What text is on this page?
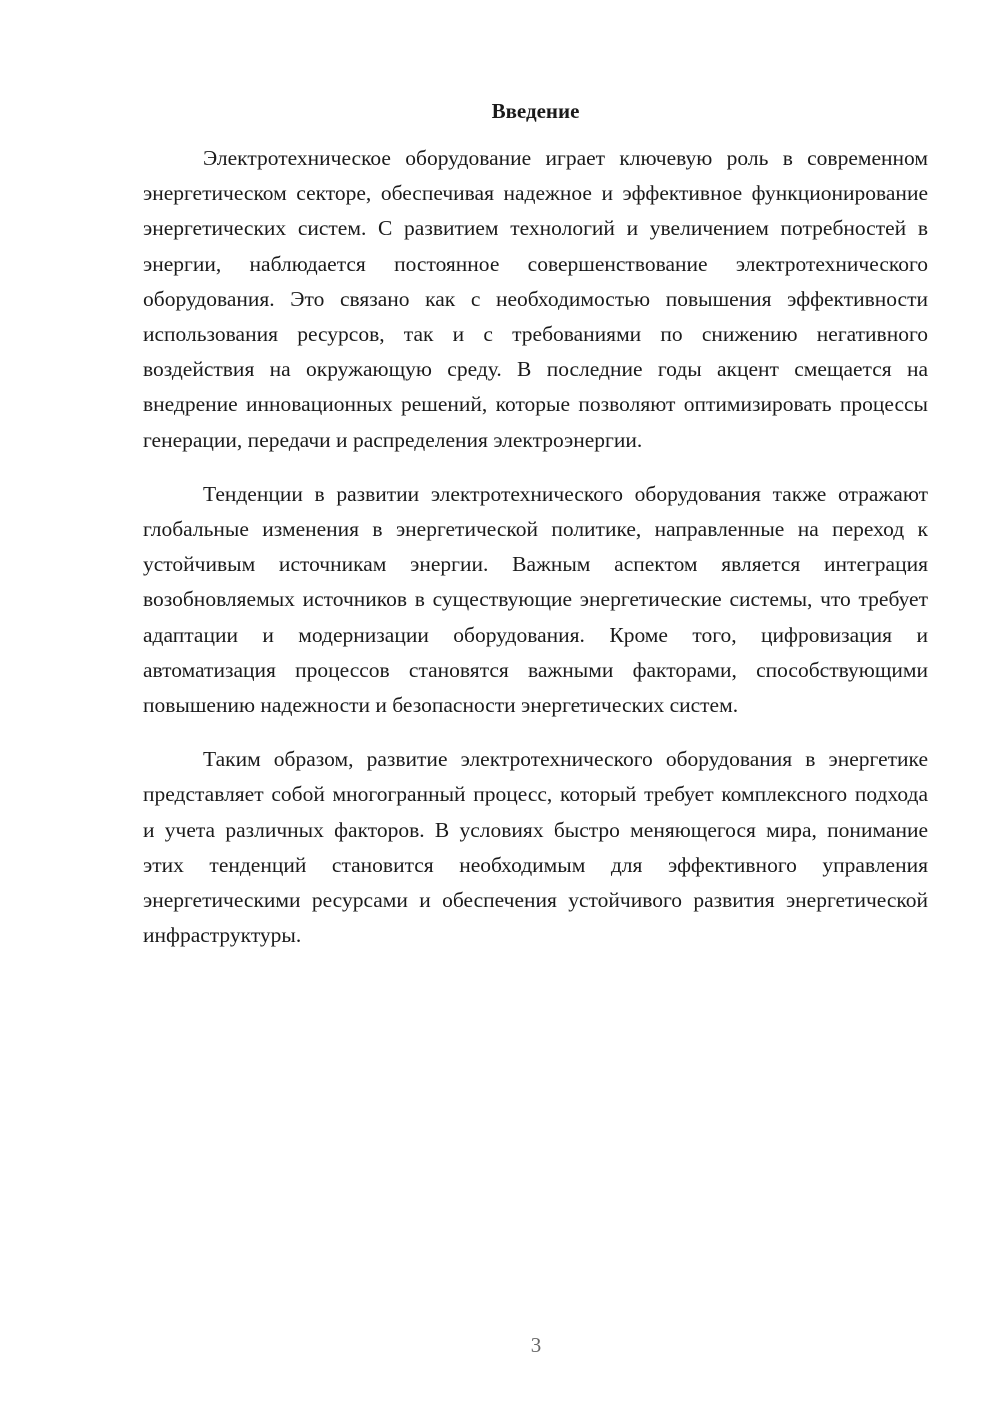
Введение

Электротехническое оборудование играет ключевую роль в современном энергетическом секторе, обеспечивая надежное и эффективное функционирование энергетических систем. С развитием технологий и увеличением потребностей в энергии, наблюдается постоянное совершенствование электротехнического оборудования. Это связано как с необходимостью повышения эффективности использования ресурсов, так и с требованиями по снижению негативного воздействия на окружающую среду. В последние годы акцент смещается на внедрение инновационных решений, которые позволяют оптимизировать процессы генерации, передачи и распределения электроэнергии.

Тенденции в развитии электротехнического оборудования также отражают глобальные изменения в энергетической политике, направленные на переход к устойчивым источникам энергии. Важным аспектом является интеграция возобновляемых источников в существующие энергетические системы, что требует адаптации и модернизации оборудования. Кроме того, цифровизация и автоматизация процессов становятся важными факторами, способствующими повышению надежности и безопасности энергетических систем.

Таким образом, развитие электротехнического оборудования в энергетике представляет собой многогранный процесс, который требует комплексного подхода и учета различных факторов. В условиях быстро меняющегося мира, понимание этих тенденций становится необходимым для эффективного управления энергетическими ресурсами и обеспечения устойчивого развития энергетической инфраструктуры.

3
